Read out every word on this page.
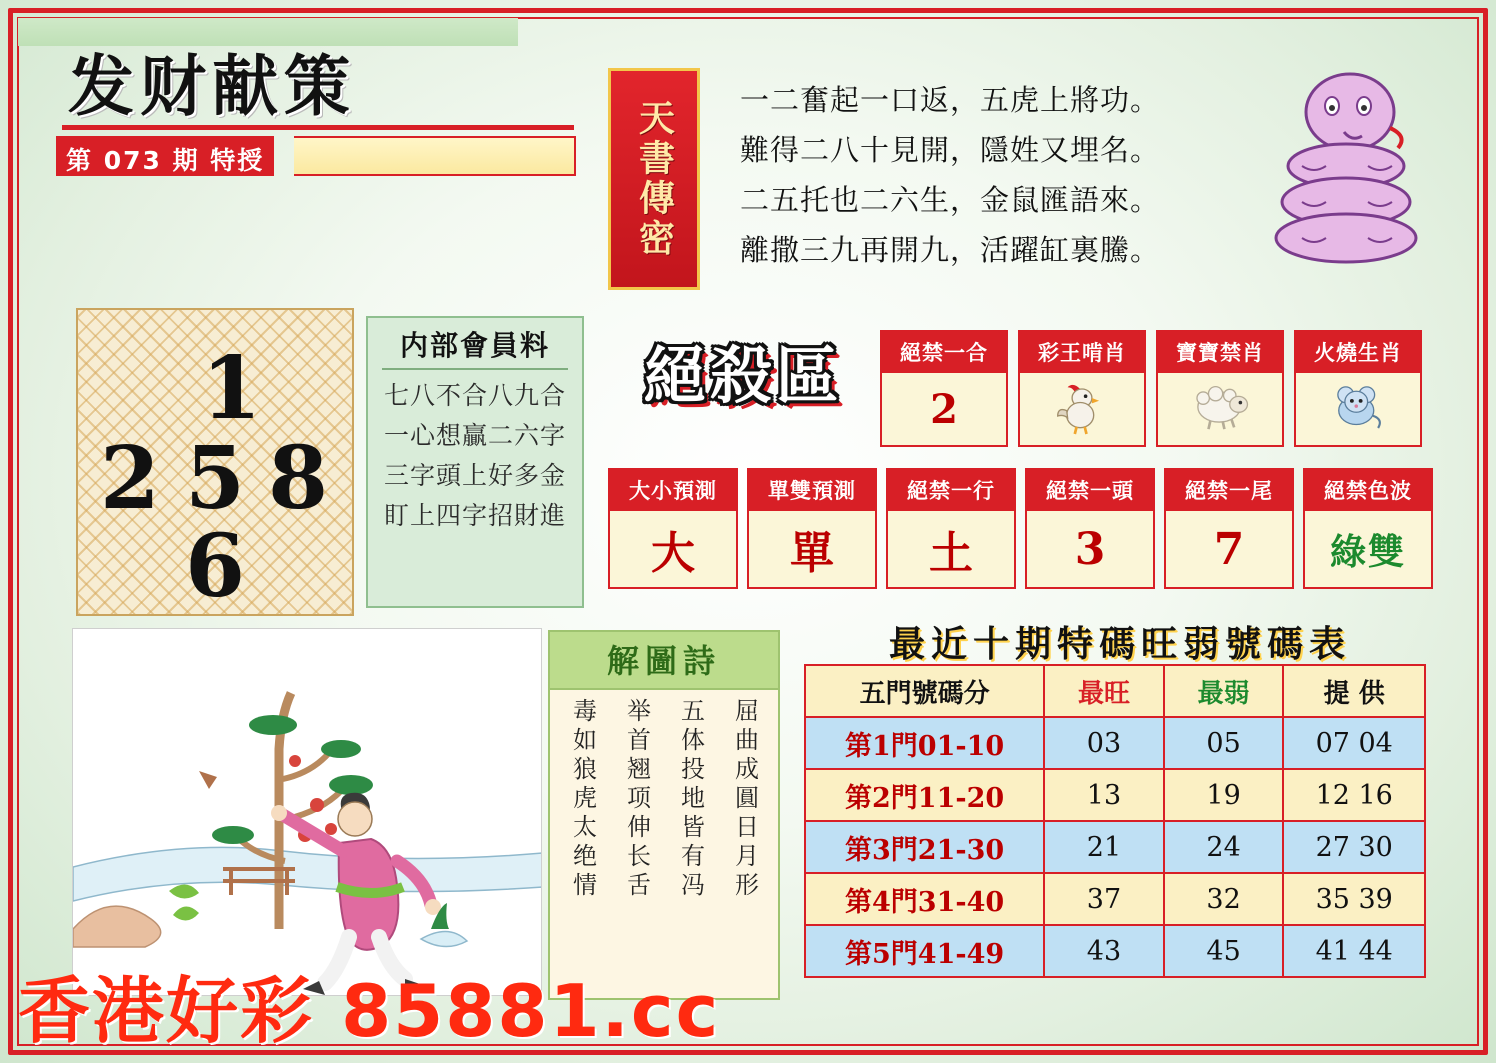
发财献策
第 073 期 特授	天書傳密 一二奮起一口返，五虎上將功。
難得二八十見開，隱姓又埋名。
二五托也二六生，金鼠匯語來。
離撒三九再開九，活躍缸裏騰。
1
2 5 8
6
内部會員料

七八不合八九合

一心想贏二六字

三字頭上好多金

盯上四字招財進

絕殺區	絕禁一合
2
彩王啃肖	寶寶禁肖	火燒生肖
大小預測
大
單雙預測
單
絕禁一行
土
絕禁一頭
3
絕禁一尾
7
絕禁色波
綠雙
解圖詩
屈曲成圓日月形
五体投地皆有冯
举首翘项伸长舌
毒如狼虎太绝情
最近十期特碼旺弱號碼表
五門號碼分	最旺	最弱	提 供
第1門01-10	03	05	07 04
第2門11-20	13	19	12 16
第3門21-30	21	24	27 30
第4門31-40	37	32	35 39
第5門41-49	43	45	41 44
香港好彩 85881.cc
